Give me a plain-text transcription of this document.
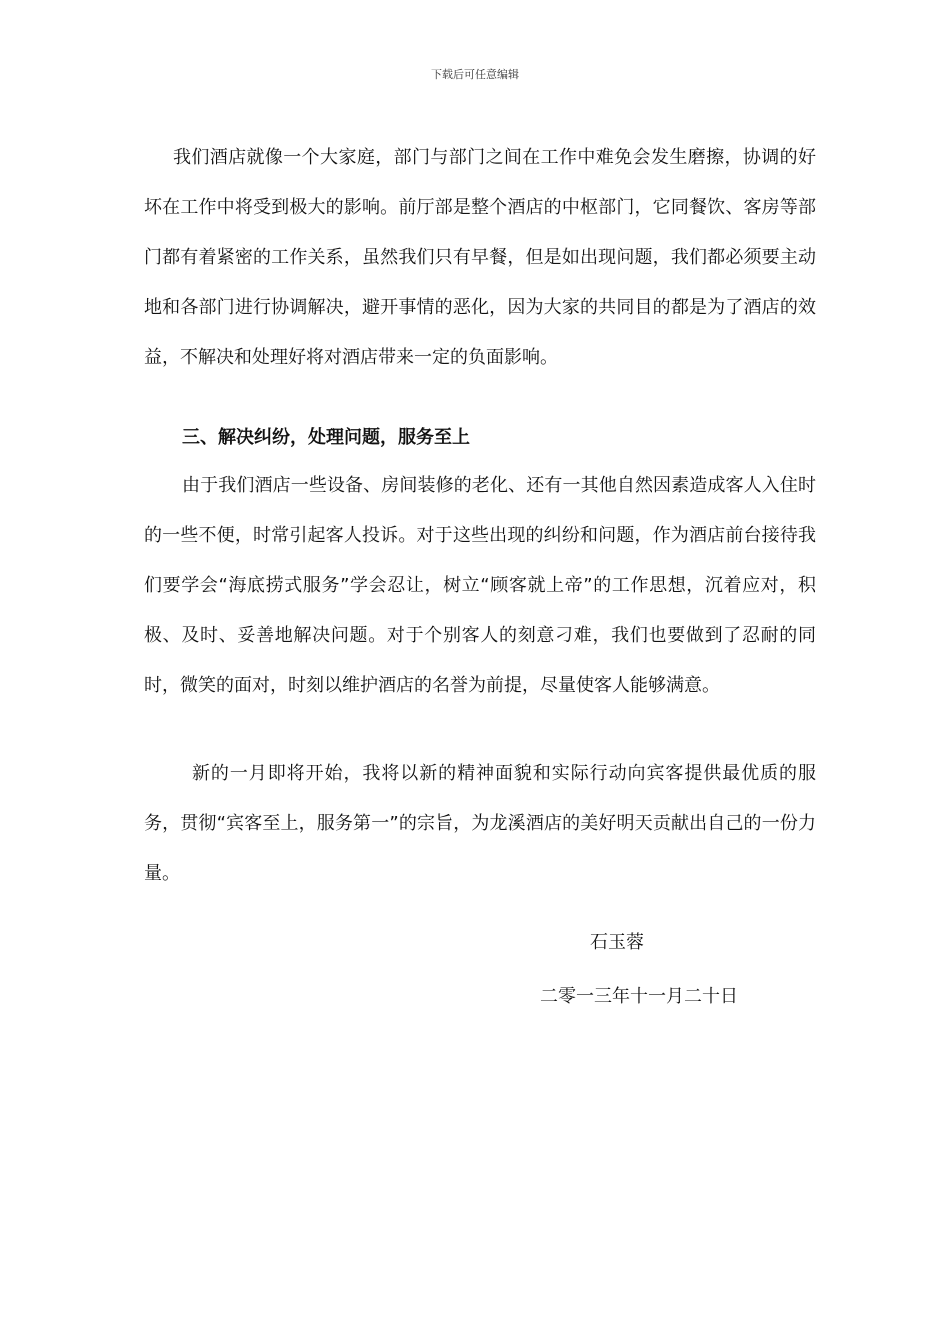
下载后可任意编辑

我们酒店就像一个大家庭，部门与部门之间在工作中难免会发生磨擦，协调的好坏在工作中将受到极大的影响。前厅部是整个酒店的中枢部门，它同餐饮、客房等部门都有着紧密的工作关系，虽然我们只有早餐，但是如出现问题，我们都必须要主动地和各部门进行协调解决，避开事情的恶化，因为大家的共同目的都是为了酒店的效益，不解决和处理好将对酒店带来一定的负面影响。

三、解决纠纷，处理问题，服务至上

由于我们酒店一些设备、房间装修的老化、还有一其他自然因素造成客人入住时的一些不便，时常引起客人投诉。对于这些出现的纠纷和问题，作为酒店前台接待我们要学会“海底捞式服务”学会忍让，树立“顾客就上帝”的工作思想，沉着应对，积极、及时、妥善地解决问题。对于个别客人的刻意刁难，我们也要做到了忍耐的同时，微笑的面对，时刻以维护酒店的名誉为前提，尽量使客人能够满意。

新的一月即将开始，我将以新的精神面貌和实际行动向宾客提供最优质的服务，贯彻“宾客至上，服务第一”的宗旨，为龙溪酒店的美好明天贡献出自己的一份力量。

石玉蓉
二零一三年十一月二十日
